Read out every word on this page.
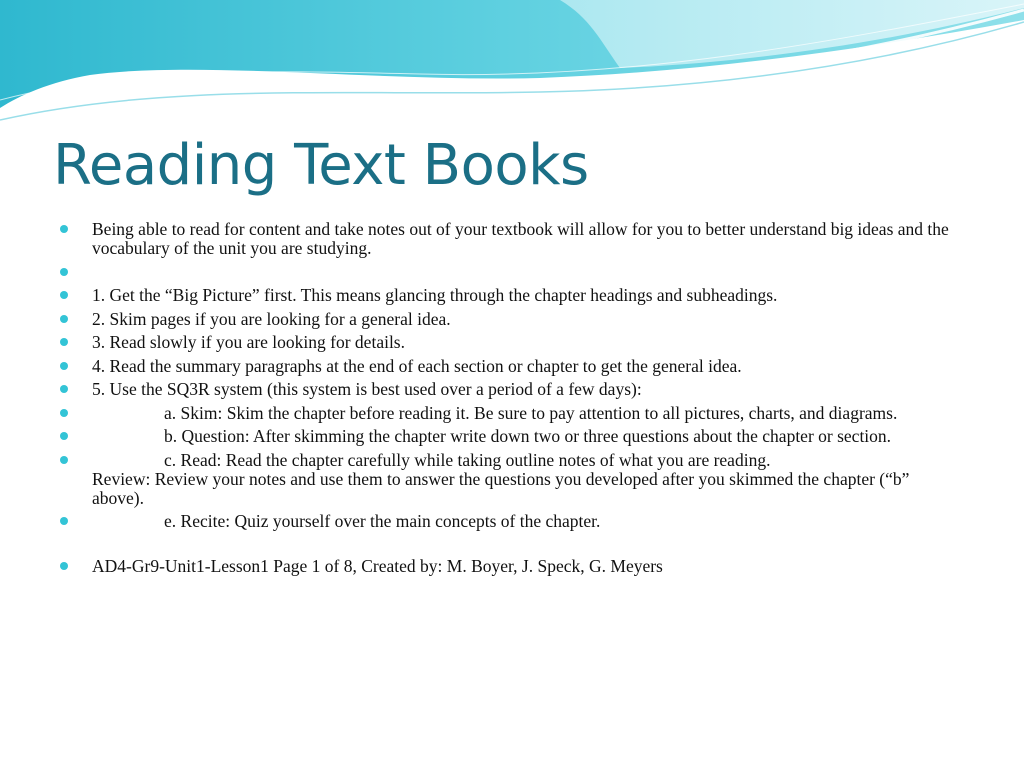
Reading Text Books
Being able to read for content and take notes out of your textbook will allow for you to better understand big ideas and the vocabulary of the unit you are studying.
1. Get the “Big Picture” first. This means glancing through the chapter headings and subheadings.
2. Skim pages if you are looking for a general idea.
3. Read slowly if you are looking for details.
4. Read the summary paragraphs at the end of each section or chapter to get the general idea.
5. Use the SQ3R system (this system is best used over a period of a few days):
a. Skim: Skim the chapter before reading it. Be sure to pay attention to all pictures, charts, and diagrams.
b. Question: After skimming the chapter write down two or three questions about the chapter or section.
c. Read: Read the chapter carefully while taking outline notes of what you are reading.
Review: Review your notes and use them to answer the questions you developed after you skimmed the chapter (“b” above).
e. Recite: Quiz yourself over the main concepts of the chapter.
AD4-Gr9-Unit1-Lesson1 Page 1 of 8, Created by: M. Boyer, J. Speck, G. Meyers
